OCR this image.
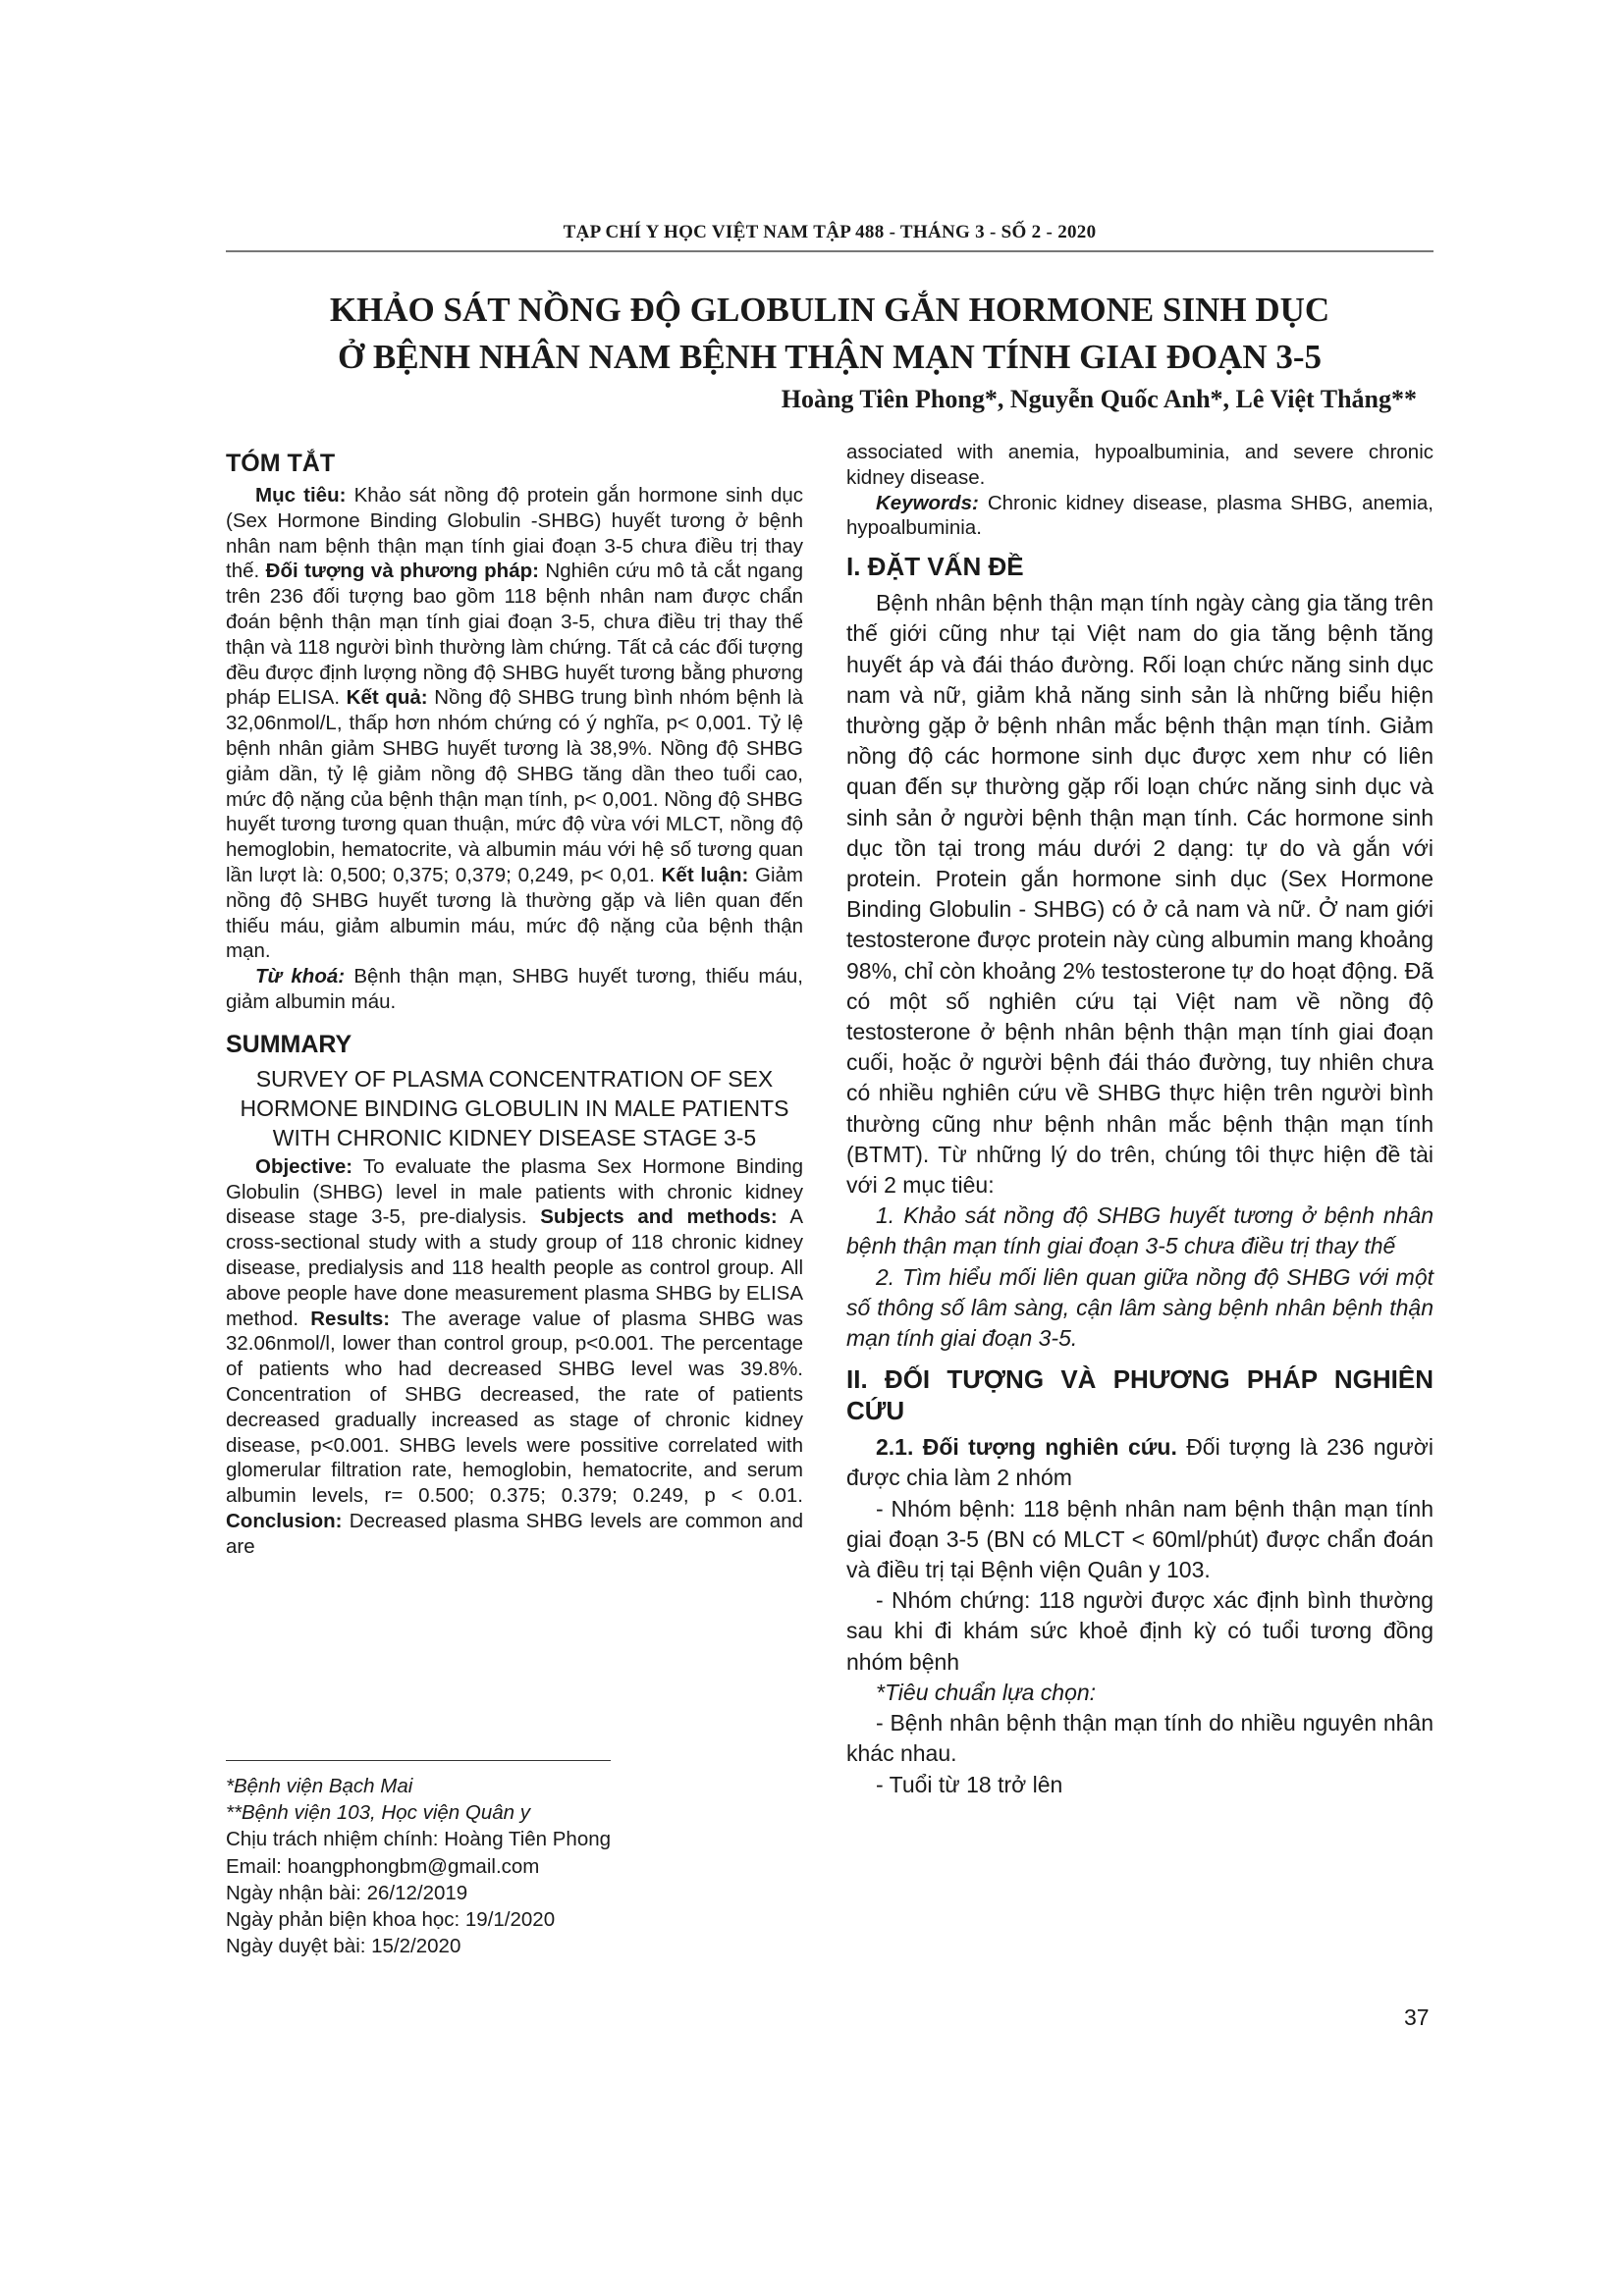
TẠP CHÍ Y HỌC VIỆT NAM TẬP 488 - THÁNG 3 - SỐ 2 - 2020
KHẢO SÁT NỒNG ĐỘ GLOBULIN GẮN HORMONE SINH DỤC
Ở BỆNH NHÂN NAM BỆNH THẬN MẠN TÍNH GIAI ĐOẠN 3-5
Hoàng Tiên Phong*, Nguyễn Quốc Anh*, Lê Việt Thắng**
TÓM TẮT

Mục tiêu: Khảo sát nồng độ protein gắn hormone sinh dục (Sex Hormone Binding Globulin -SHBG) huyết tương ở bệnh nhân nam bệnh thận mạn tính giai đoạn 3-5 chưa điều trị thay thế. Đối tượng và phương pháp: Nghiên cứu mô tả cắt ngang trên 236 đối tượng bao gồm 118 bệnh nhân nam được chẩn đoán bệnh thận mạn tính giai đoạn 3-5, chưa điều trị thay thế thận và 118 người bình thường làm chứng. Tất cả các đối tượng đều được định lượng nồng độ SHBG huyết tương bằng phương pháp ELISA. Kết quả: Nồng độ SHBG trung bình nhóm bệnh là 32,06nmol/L, thấp hơn nhóm chứng có ý nghĩa, p< 0,001. Tỷ lệ bệnh nhân giảm SHBG huyết tương là 38,9%. Nồng độ SHBG giảm dần, tỷ lệ giảm nồng độ SHBG tăng dần theo tuổi cao, mức độ nặng của bệnh thận mạn tính, p< 0,001. Nồng độ SHBG huyết tương tương quan thuận, mức độ vừa với MLCT, nồng độ hemoglobin, hematocrite, và albumin máu với hệ số tương quan lần lượt là: 0,500; 0,375; 0,379; 0,249, p< 0,01. Kết luận: Giảm nồng độ SHBG huyết tương là thường gặp và liên quan đến thiếu máu, giảm albumin máu, mức độ nặng của bệnh thận mạn.

Từ khoá: Bệnh thận mạn, SHBG huyết tương, thiếu máu, giảm albumin máu.

SUMMARY
SURVEY OF PLASMA CONCENTRATION OF SEX HORMONE BINDING GLOBULIN IN MALE PATIENTS WITH CHRONIC KIDNEY DISEASE STAGE 3-5

Objective: To evaluate the plasma Sex Hormone Binding Globulin (SHBG) level in male patients with chronic kidney disease stage 3-5, pre-dialysis. Subjects and methods: A cross-sectional study with a study group of 118 chronic kidney disease, predialysis and 118 health people as control group. All above people have done measurement plasma SHBG by ELISA method. Results: The average value of plasma SHBG was 32.06nmol/l, lower than control group, p<0.001. The percentage of patients who had decreased SHBG level was 39.8%. Concentration of SHBG decreased, the rate of patients decreased gradually increased as stage of chronic kidney disease, p<0.001. SHBG levels were possitive correlated with glomerular filtration rate, hemoglobin, hematocrite, and serum albumin levels, r= 0.500; 0.375; 0.379; 0.249, p < 0.01. Conclusion: Decreased plasma SHBG levels are common and are

*Bệnh viện Bạch Mai

**Bệnh viện 103, Học viện Quân y

Chịu trách nhiệm chính: Hoàng Tiên Phong

Email: hoangphongbm@gmail.com

Ngày nhận bài: 26/12/2019

Ngày phản biện khoa học: 19/1/2020

Ngày duyệt bài: 15/2/2020

associated with anemia, hypoalbuminia, and severe chronic kidney disease.

Keywords: Chronic kidney disease, plasma SHBG, anemia, hypoalbuminia.

I. ĐẶT VẤN ĐỀ

Bệnh nhân bệnh thận mạn tính ngày càng gia tăng trên thế giới cũng như tại Việt nam do gia tăng bệnh tăng huyết áp và đái tháo đường. Rối loạn chức năng sinh dục nam và nữ, giảm khả năng sinh sản là những biểu hiện thường gặp ở bệnh nhân mắc bệnh thận mạn tính. Giảm nồng độ các hormone sinh dục được xem như có liên quan đến sự thường gặp rối loạn chức năng sinh dục và sinh sản ở người bệnh thận mạn tính. Các hormone sinh dục tồn tại trong máu dưới 2 dạng: tự do và gắn với protein. Protein gắn hormone sinh dục (Sex Hormone Binding Globulin - SHBG) có ở cả nam và nữ. Ở nam giới testosterone được protein này cùng albumin mang khoảng 98%, chỉ còn khoảng 2% testosterone tự do hoạt động. Đã có một số nghiên cứu tại Việt nam về nồng độ testosterone ở bệnh nhân bệnh thận mạn tính giai đoạn cuối, hoặc ở người bệnh đái tháo đường, tuy nhiên chưa có nhiều nghiên cứu về SHBG thực hiện trên người bình thường cũng như bệnh nhân mắc bệnh thận mạn tính (BTMT). Từ những lý do trên, chúng tôi thực hiện đề tài với 2 mục tiêu:

1. Khảo sát nồng độ SHBG huyết tương ở bệnh nhân bệnh thận mạn tính giai đoạn 3-5 chưa điều trị thay thế

2. Tìm hiểu mối liên quan giữa nồng độ SHBG với một số thông số lâm sàng, cận lâm sàng bệnh nhân bệnh thận mạn tính giai đoạn 3-5.

II. ĐỐI TƯỢNG VÀ PHƯƠNG PHÁP NGHIÊN CỨU

2.1. Đối tượng nghiên cứu. Đối tượng là 236 người được chia làm 2 nhóm

- Nhóm bệnh: 118 bệnh nhân nam bệnh thận mạn tính giai đoạn 3-5 (BN có MLCT < 60ml/phút) được chẩn đoán và điều trị tại Bệnh viện Quân y 103.

- Nhóm chứng: 118 người được xác định bình thường sau khi đi khám sức khoẻ định kỳ có tuổi tương đồng nhóm bệnh

*Tiêu chuẩn lựa chọn:

- Bệnh nhân bệnh thận mạn tính do nhiều nguyên nhân khác nhau.

- Tuổi từ 18 trở lên

37
